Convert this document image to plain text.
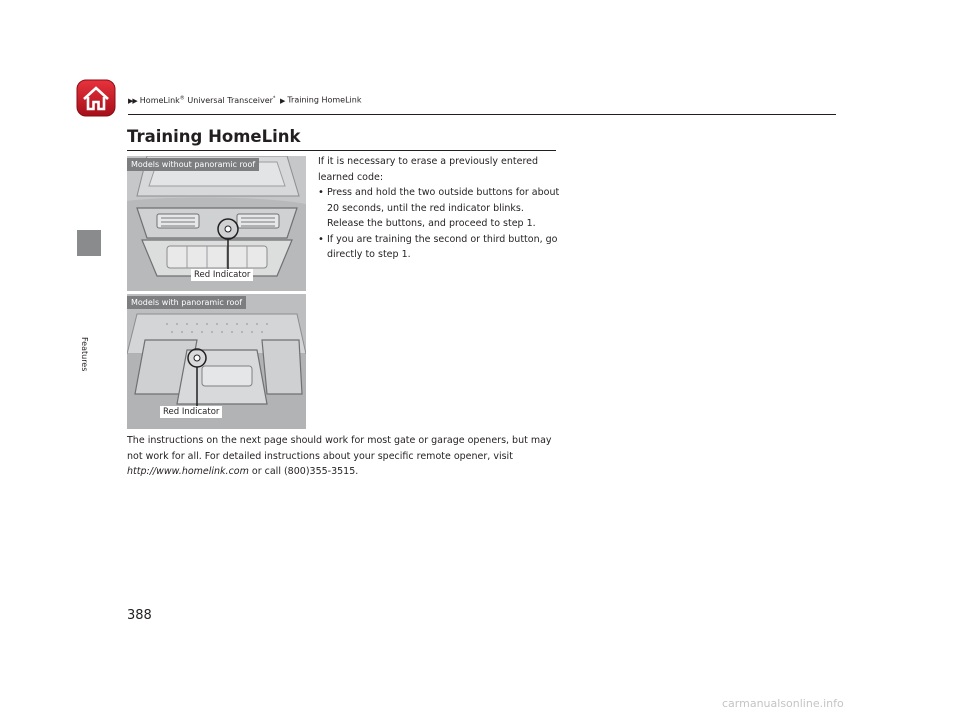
▶▶ HomeLink® Universal Transceiver* ▶ Training HomeLink
Features
Training HomeLink
Models without panoramic roof
Red Indicator
Models with panoramic roof
Red Indicator

If it is necessary to erase a previously entered learned code:

• Press and hold the two outside buttons for about 20 seconds, until the red indicator blinks. Release the buttons, and proceed to step 1.
• If you are training the second or third button, go directly to step 1.
The instructions on the next page should work for most gate or garage openers, but may not work for all. For detailed instructions about your specific remote opener, visit http://www.homelink.com or call (800)355-3515.
388
carmanualsonline.info
